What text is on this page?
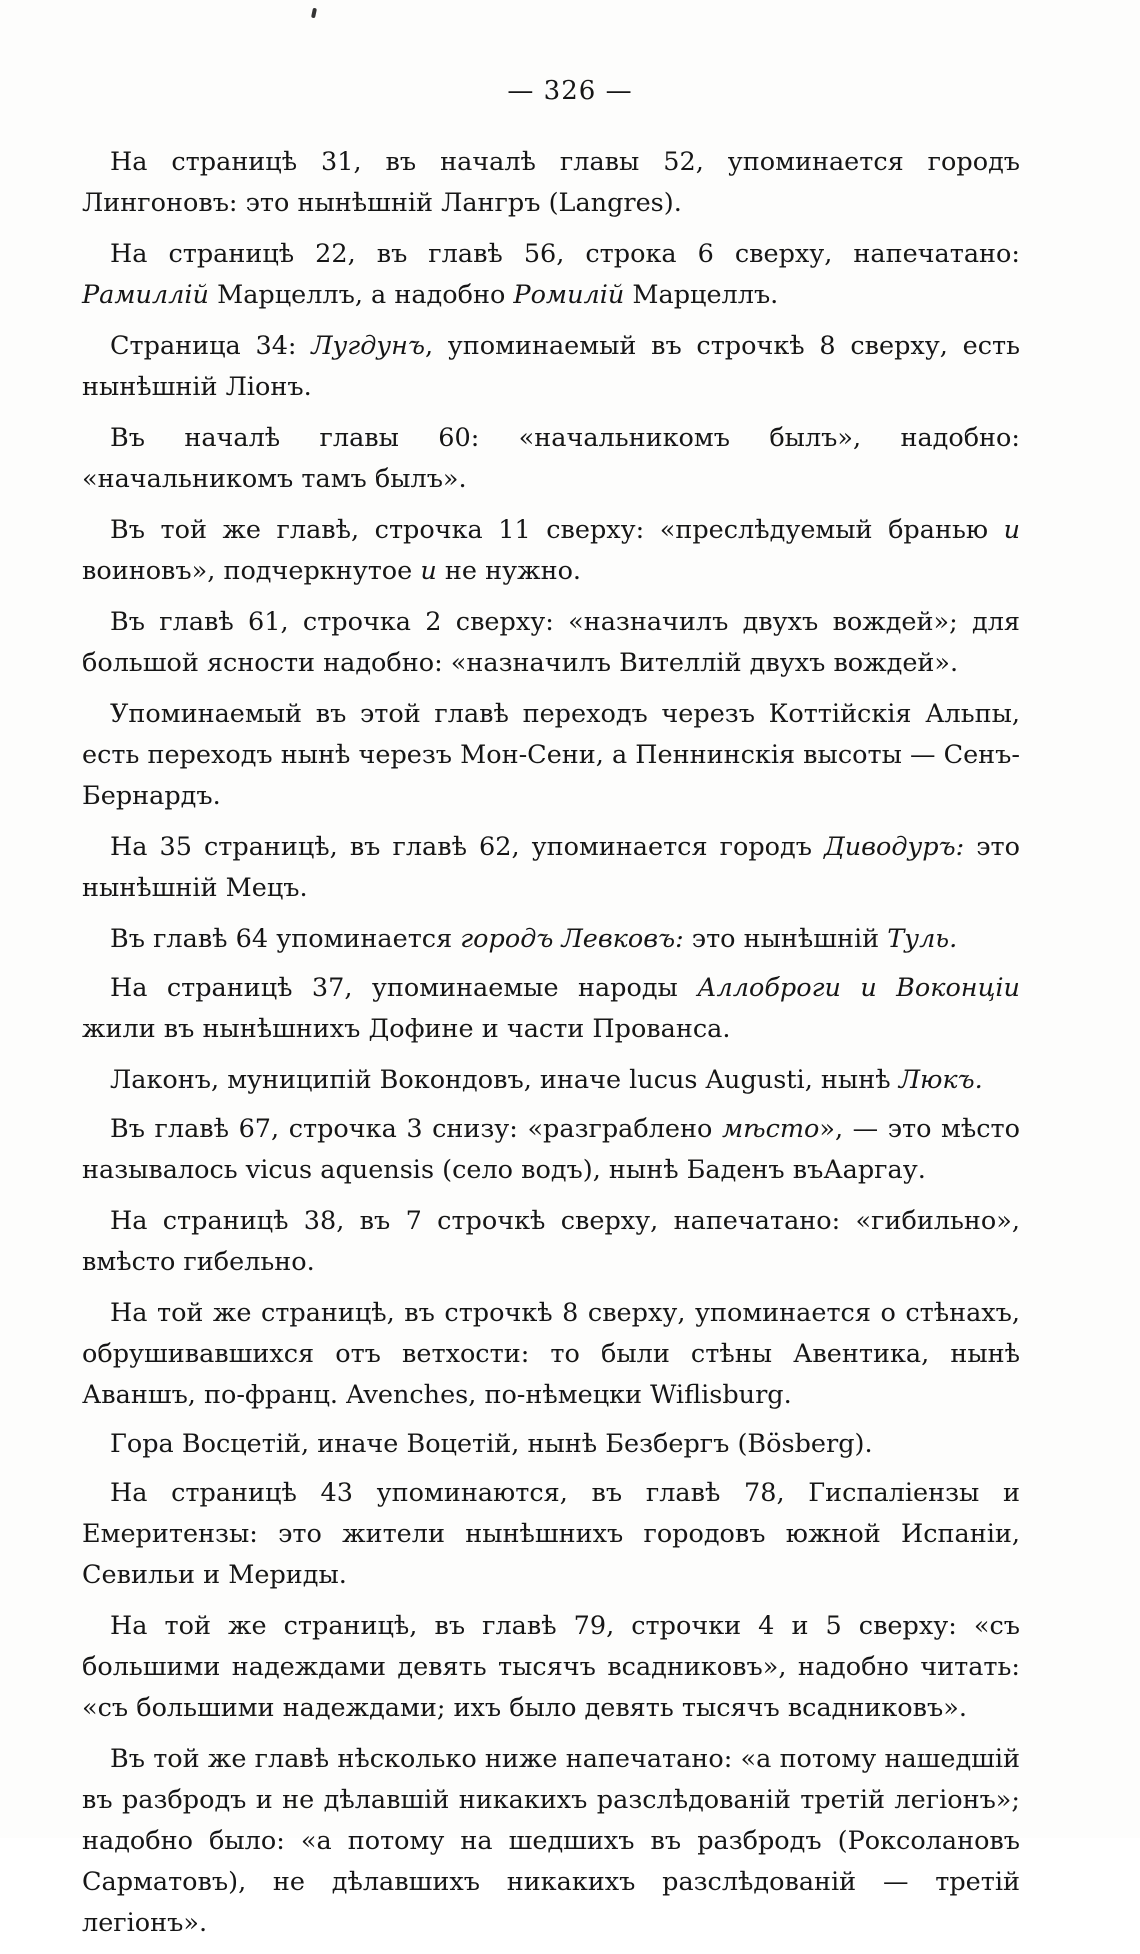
— 326 —

На страницѣ 31, въ началѣ главы 52, упоминается городъ Лингоновъ: это нынѣшній Лангръ (Langres).

На страницѣ 22, въ главѣ 56, строка 6 сверху, напечатано: Рамиллій Марцеллъ, а надобно Ромилій Марцеллъ.

Страница 34: Лугдунъ, упоминаемый въ строчкѣ 8 сверху, есть нынѣшній Ліонъ.

Въ началѣ главы 60: «начальникомъ былъ», надобно: «начальникомъ тамъ былъ».

Въ той же главѣ, строчка 11 сверху: «преслѣдуемый бранью и воиновъ», подчеркнутое и не нужно.

Въ главѣ 61, строчка 2 сверху: «назначилъ двухъ вождей»; для большой ясности надобно: «назначилъ Вителлій двухъ вождей».

Упоминаемый въ этой главѣ переходъ черезъ Коттійскія Альпы, есть переходъ нынѣ черезъ Мон-Сени, а Пеннинскія высоты — Сенъ-Бернардъ.

На 35 страницѣ, въ главѣ 62, упоминается городъ Диводуръ: это нынѣшній Мецъ.

Въ главѣ 64 упоминается городъ Левковъ: это нынѣшній Туль.

На страницѣ 37, упоминаемые народы Аллоброги и Воконціи жили въ нынѣшнихъ Дофине и части Прованса.

Лаконъ, муниципій Вокондовъ, иначе lucus Augusti, нынѣ Люкъ.

Въ главѣ 67, строчка 3 снизу: «разграблено мѣсто», — это мѣсто называлось vicus aquensis (село водъ), нынѣ Баденъ въАаргау.

На страницѣ 38, въ 7 строчкѣ сверху, напечатано: «гибильно», вмѣсто гибельно.

На той же страницѣ, въ строчкѣ 8 сверху, упоминается о стѣнахъ, обрушивавшихся отъ ветхости: то были стѣны Авентика, нынѣ Аваншъ, по-франц. Avenches, по-нѣмецки Wiflisburg.

Гора Восцетій, иначе Воцетій, нынѣ Безбергъ (Bösberg).

На страницѣ 43 упоминаются, въ главѣ 78, Гиспаліензы и Емеритензы: это жители нынѣшнихъ городовъ южной Испаніи, Севильи и Мериды.

На той же страницѣ, въ главѣ 79, строчки 4 и 5 сверху: «съ большими надеждами девять тысячъ всадниковъ», надобно читать: «съ большими надеждами; ихъ было девять тысячъ всадниковъ».

Въ той же главѣ нѣсколько ниже напечатано: «а потому нашедшій въ разбродъ и не дѣлавшій никакихъ разслѣдованій третій легіонъ»; надобно было: «а потому на шедшихъ въ разбродъ (Роксолановъ Сарматовъ), не дѣлавшихъ никакихъ разслѣдованій — третій легіонъ».
